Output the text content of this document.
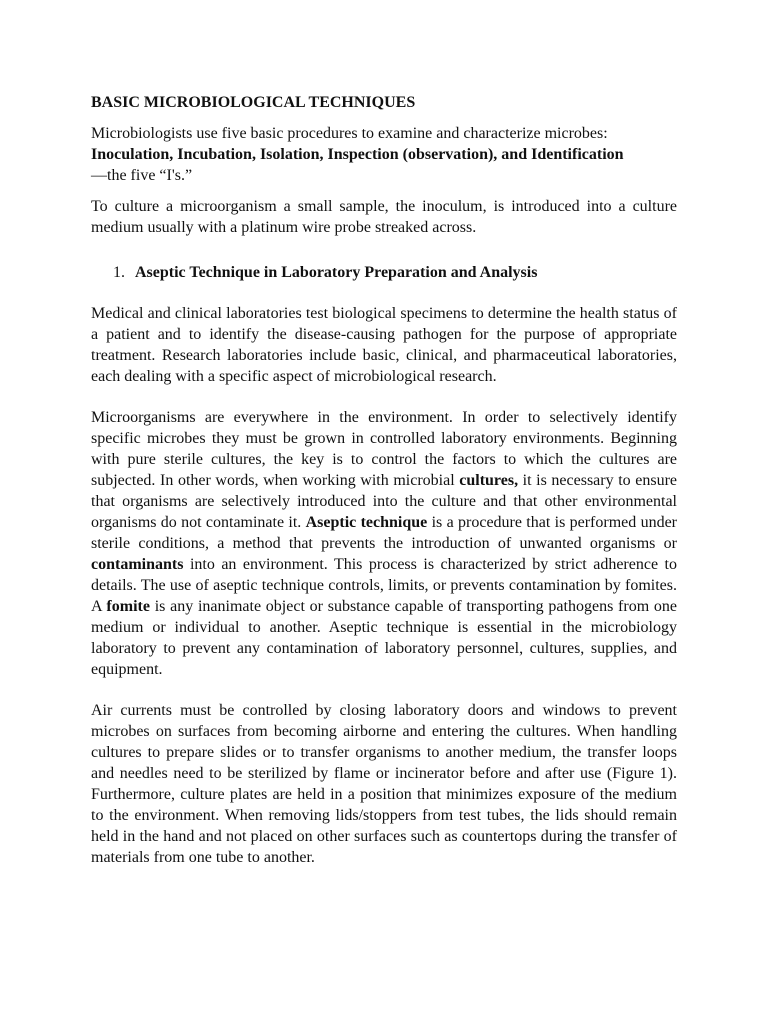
BASIC MICROBIOLOGICAL TECHNIQUES

Microbiologists use five basic procedures to examine and characterize microbes:
Inoculation, Incubation, Isolation, Inspection (observation), and Identification
—the five “I's.”

To culture a microorganism a small sample, the inoculum, is introduced into a culture medium usually with a platinum wire probe streaked across.

1. Aseptic Technique in Laboratory Preparation and Analysis

Medical and clinical laboratories test biological specimens to determine the health status of a patient and to identify the disease-causing pathogen for the purpose of appropriate treatment. Research laboratories include basic, clinical, and pharmaceutical laboratories, each dealing with a specific aspect of microbiological research.

Microorganisms are everywhere in the environment. In order to selectively identify specific microbes they must be grown in controlled laboratory environments. Beginning with pure sterile cultures, the key is to control the factors to which the cultures are subjected. In other words, when working with microbial cultures, it is necessary to ensure that organisms are selectively introduced into the culture and that other environmental organisms do not contaminate it. Aseptic technique is a procedure that is performed under sterile conditions, a method that prevents the introduction of unwanted organisms or contaminants into an environment. This process is characterized by strict adherence to details. The use of aseptic technique controls, limits, or prevents contamination by fomites. A fomite is any inanimate object or substance capable of transporting pathogens from one medium or individual to another. Aseptic technique is essential in the microbiology laboratory to prevent any contamination of laboratory personnel, cultures, supplies, and equipment.

Air currents must be controlled by closing laboratory doors and windows to prevent microbes on surfaces from becoming airborne and entering the cultures. When handling cultures to prepare slides or to transfer organisms to another medium, the transfer loops and needles need to be sterilized by flame or incinerator before and after use (Figure 1). Furthermore, culture plates are held in a position that minimizes exposure of the medium to the environment. When removing lids/stoppers from test tubes, the lids should remain held in the hand and not placed on other surfaces such as countertops during the transfer of materials from one tube to another.
